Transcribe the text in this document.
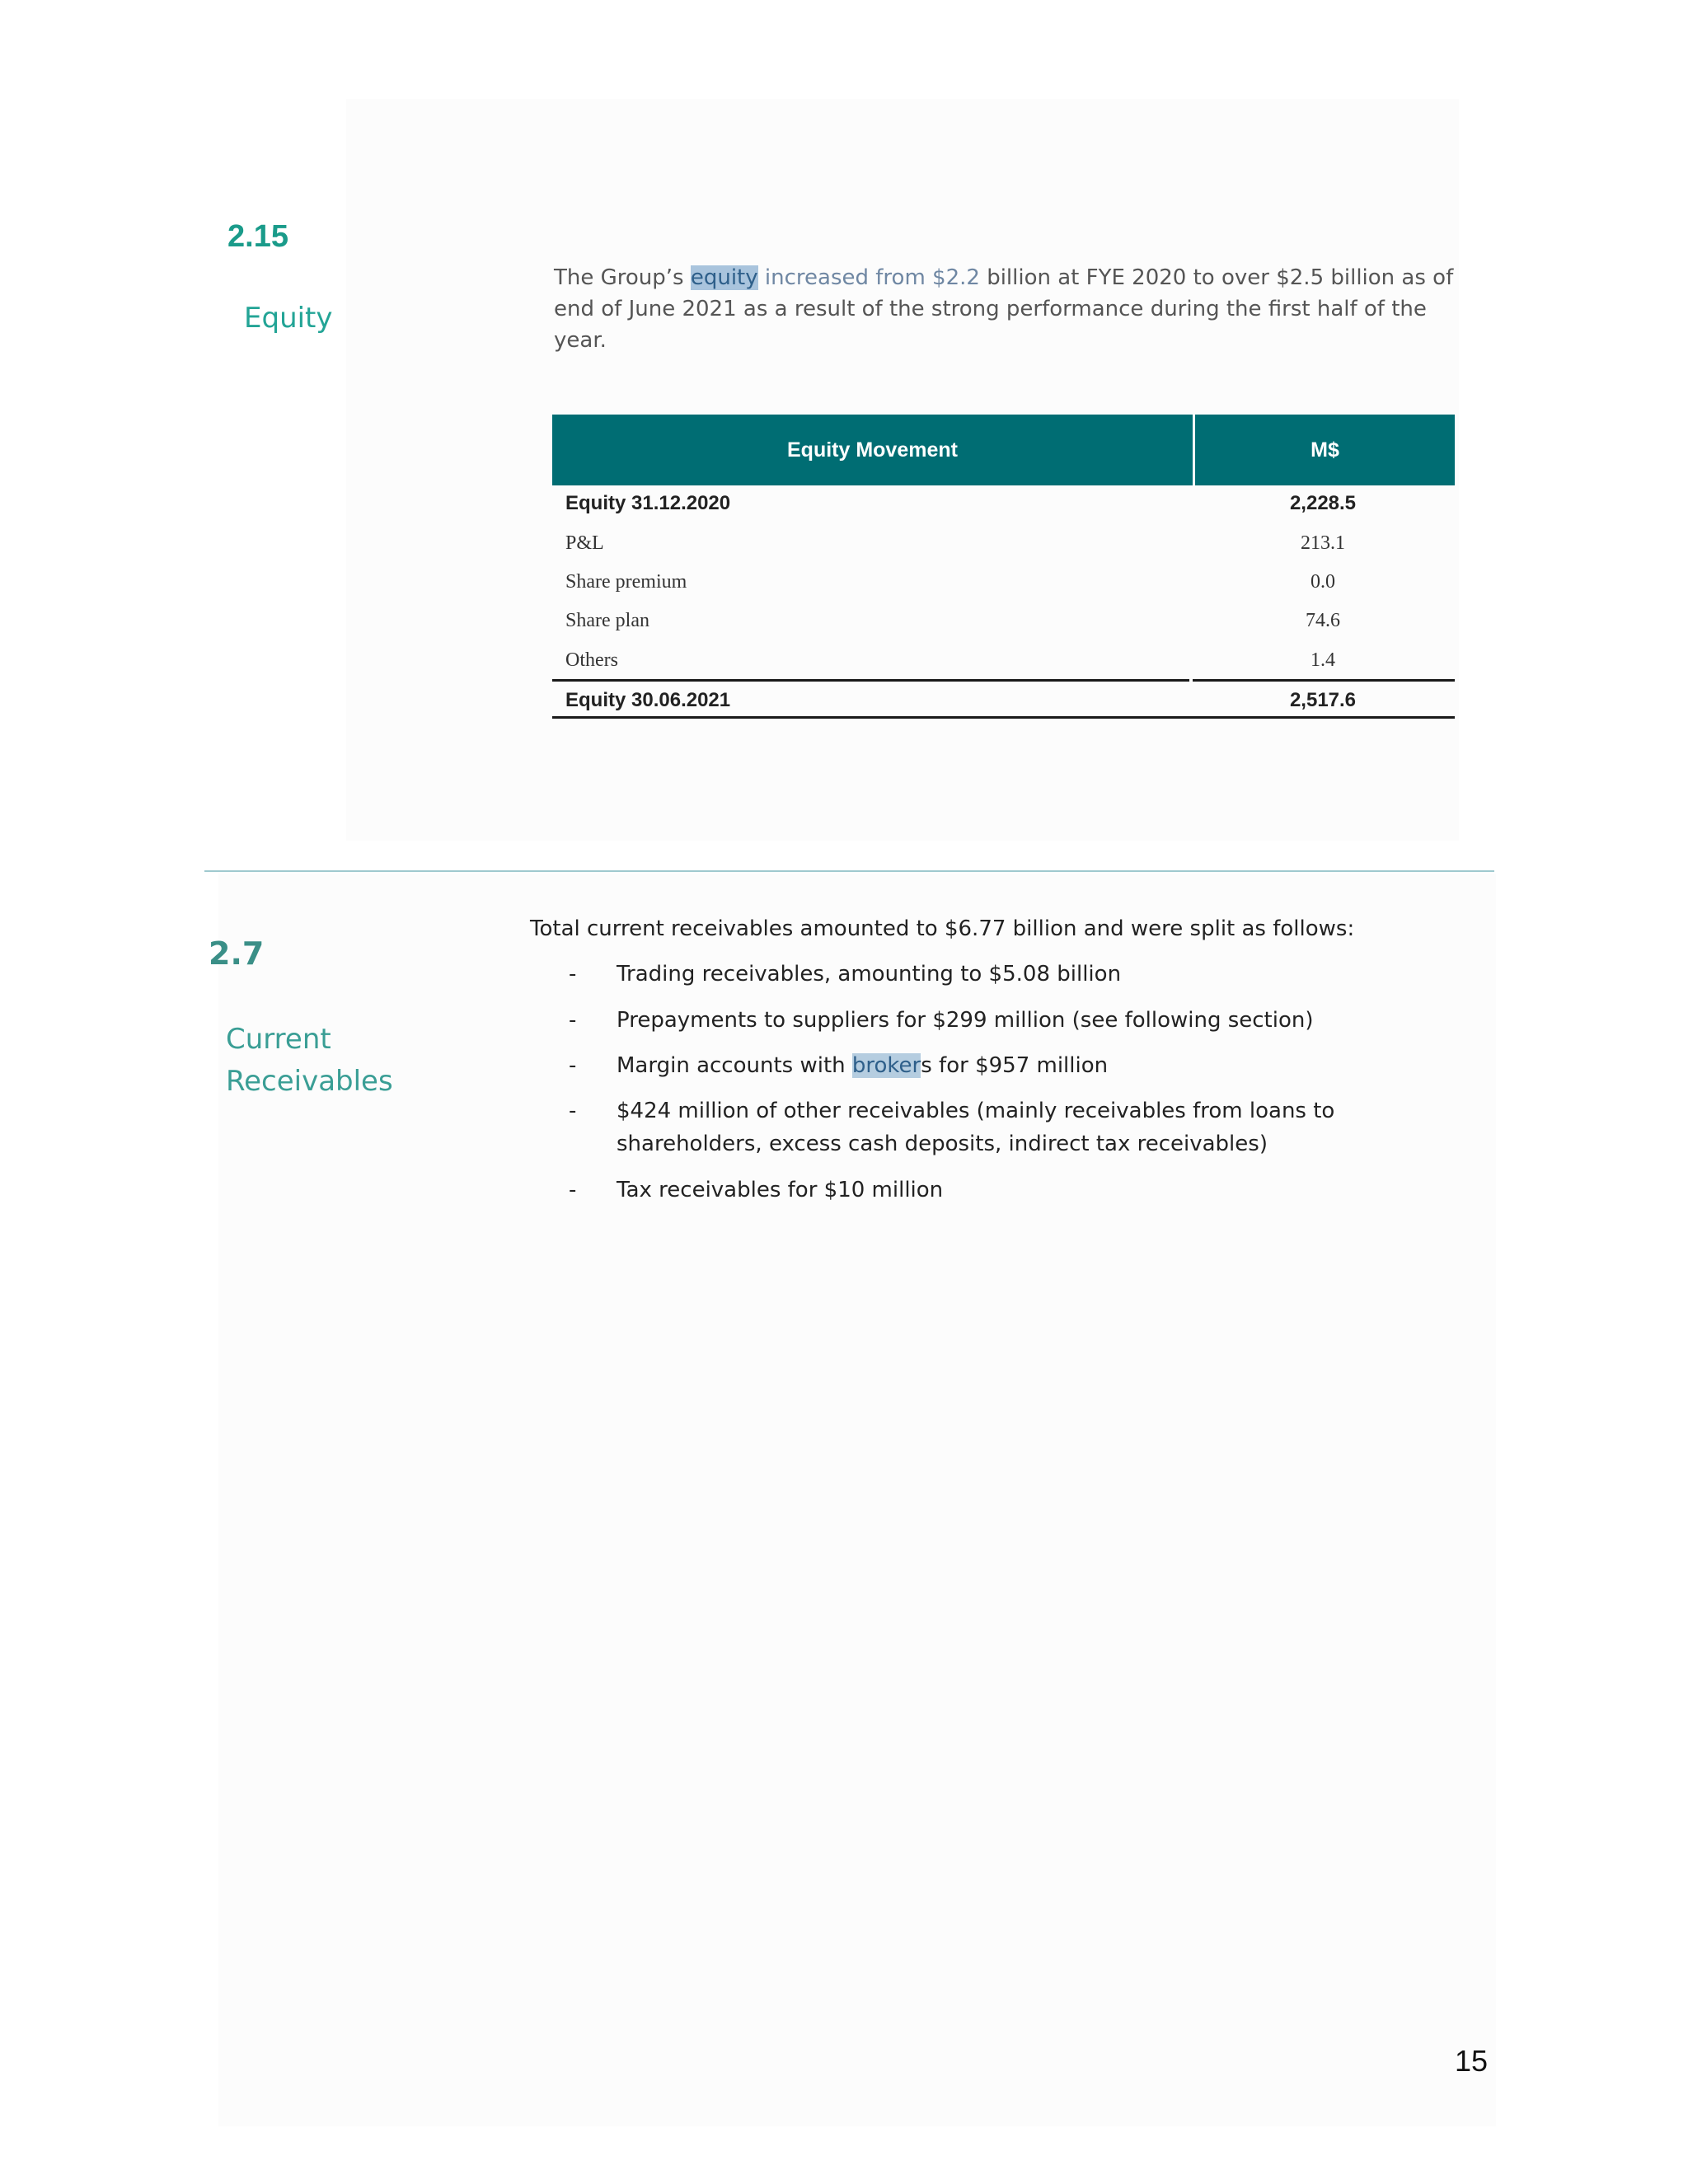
2.15
Equity
The Group’s equity increased from $2.2 billion at FYE 2020 to over $2.5 billion as of end of June 2021 as a result of the strong performance during the first half of the year.
Equity Movement	M$
Equity 31.12.2020	2,228.5
P&L	213.1
Share premium	0.0
Share plan	74.6
Others	1.4
Equity 30.06.2021	2,517.6
2.7
Current
Receivables
Total current receivables amounted to $6.77 billion and were split as follows:
- Trading receivables, amounting to $5.08 billion
- Prepayments to suppliers for $299 million (see following section)
- Margin accounts with brokers for $957 million
- $424 million of other receivables (mainly receivables from loans to shareholders, excess cash deposits, indirect tax receivables)
- Tax receivables for $10 million
15
